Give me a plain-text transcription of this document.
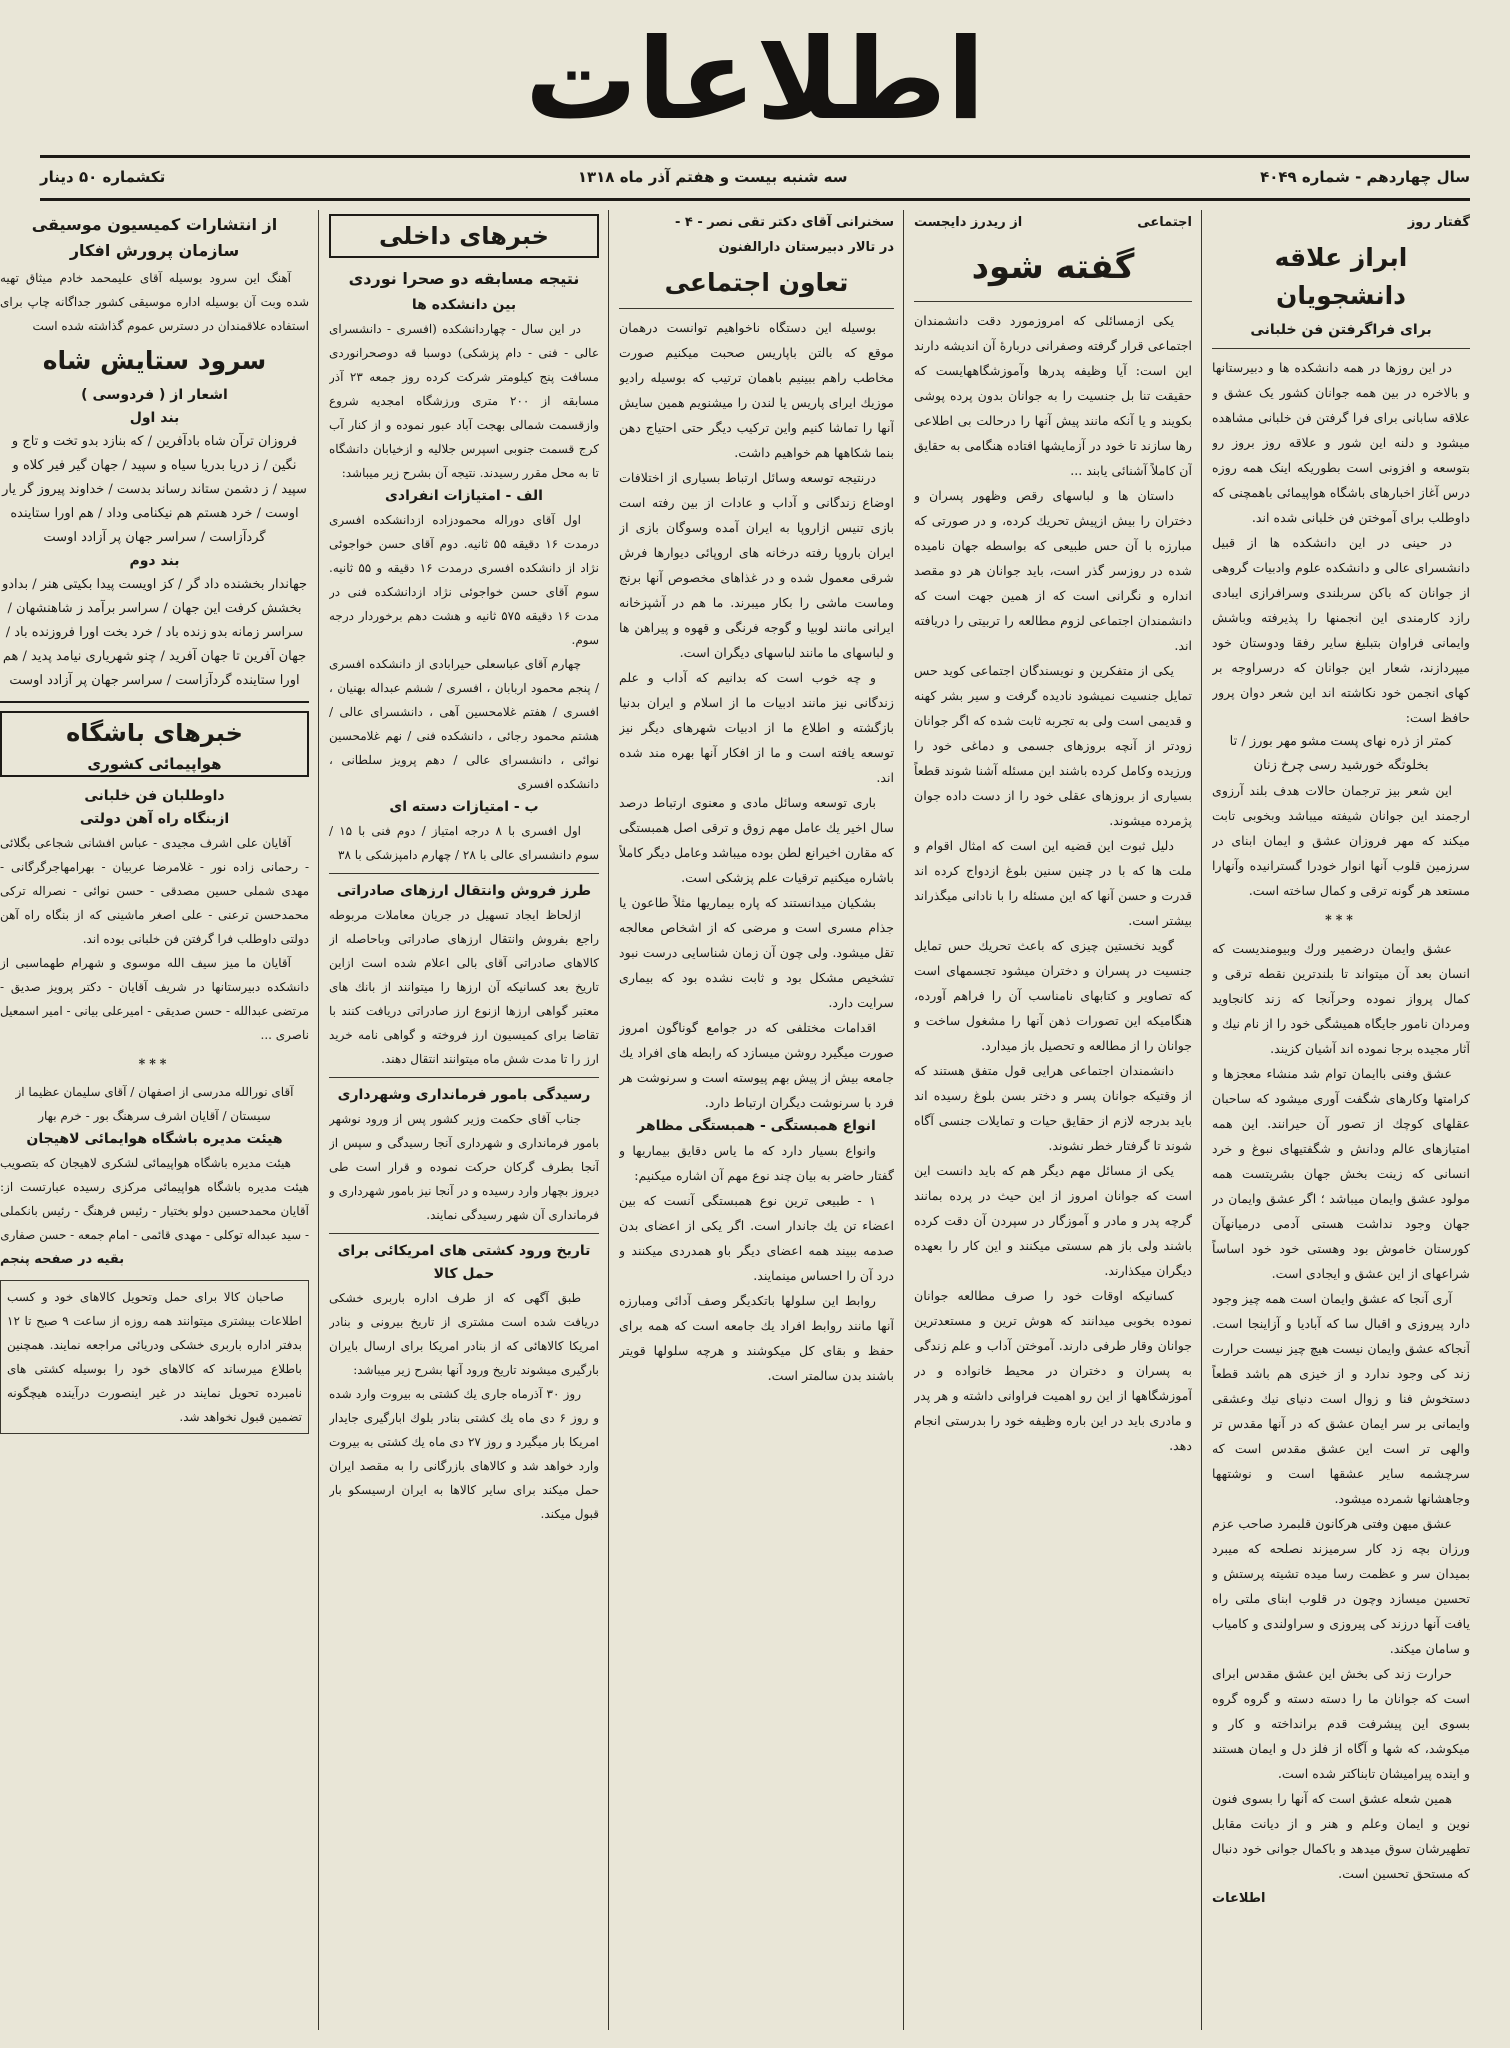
اطلاعات
سال چهاردهم - شماره ۴۰۴۹
سه شنبه بیست و هفتم آذر ماه ۱۳۱۸
تکشماره ۵۰ دینار
گفتار روز
ابراز علاقه دانشجویان
برای فراگرفتن فن خلبانی

در این روزها در همه دانشکده ها و دبیرستانها و بالاخره در بین همه جوانان کشور یک عشق و علاقه سابانی برای فرا گرفتن فن خلبانی مشاهده میشود و دلنه این شور و علاقه روز بروز رو بتوسعه و افزونی است بطوریکه اینک همه روزه درس آغاز اخبارهای باشگاه هواپیمائی باهمچنی که داوطلب برای آموختن فن خلبانی شده اند.

در حینی در این دانشکده ها از قبیل دانشسرای عالی و دانشکده علوم وادبیات گروهی از جوانان که باکن سربلندی وسرافرازی ایبادی رازد کارمندی این انجمنها را پذیرفته وباشش وایمانی فراوان بتبلیغ سایر رفقا ودوستان خود میپردازند، شعار این جوانان که درسراوجه بر کهای انجمن خود نکاشته اند این شعر دوان پرور حافظ است:

کمتر از ذره نهای پست مشو مهر بورز / تا بخلوتگه خورشید رسی چرخ زنان

این شعر بیز ترجمان حالات هدف بلند آرزوی ارجمند این جوانان شیفته میباشد وبخوبی تابت میکند که مهر فروزان عشق و ایمان ابنای در سرزمین قلوب آنها انوار خودرا گسترانیده وآنهارا مستعد هر گونه ترقی و کمال ساخته است.

***

عشق وایمان درضمیر ورك وبيومندیست که انسان بعد آن میتواند تا بلندترین نقطه ترقی و کمال پرواز نموده وحرآنجا که زند کانجاوید ومردان نامور جایگاه همیشگی خود را از نام نیك و آثار مجیده برجا نموده اند آشیان کزیند.

عشق وفنی باایمان توام شد منشاء معجزها و کرامتها وکارهای شگفت آوری میشود که ساحبان عقلهای کوچك از تصور آن حیرانند. این همه امتیازهای عالم ودانش و شگفتیهای نبوغ و خرد انسانی که زینت بخش جهان بشریتست همه مولود عشق وایمان میباشد ؛ اگر عشق وایمان در جهان وجود نداشت هستی آدمی درمیانهآن کورستان خاموش بود وهستی خود خود اساساً شراعهای از این عشق و ایجادی است.

آری آنجا که عشق وایمان است همه چیز وجود دارد پیروزی و اقبال سا که آبادیا و آزاینجا است. آنجاکه عشق وایمان نیست هیچ چیز نیست حرارت زند کی وجود ندارد و از خیزی هم باشد قطعاً دستخوش فنا و زوال است دنیای نیك وعشقی وایمانی بر سر ایمان عشق که در آنها مقدس تر والهی تر است این عشق مقدس است که سرچشمه سایر عشقها است و نوشتهها وجاهشانها شمرده میشود.

عشق میهن وفتی هرکانون قلبمرد صاحب عزم ورزان بچه زد کار سرمیزند نصلحه که میبرد بمیدان سر و عظمت رسا میده تشیته پرستش و تحسین میسازد وچون در قلوب ابنای ملتی راه یافت آنها درزند کی پیروزی و سراولندی و کامیاب و سامان میکند.

حرارت زند کی بخش این عشق مقدس ابرای است که جوانان ما را دسته دسته و گروه گروه بسوی این پیشرفت قدم برانداخته و کار و میکوشد، که شها و آگاه از فلز دل و ایمان هستند و اینده پیرامیشان تابناکتر شده است.

همین شعله عشق است که آنها را بسوی فنون نوین و ایمان وعلم و هنر و از دیانت مقابل تطهیرشان سوق میدهد و باکمال جوانی خود دنبال که مستحق تحسین است.

اطلاعات
اجتماعی
از ریدرز دایجست
گفته شود

یکی ازمسائلی که امروزمورد دقت دانشمندان اجتماعی قرار گرفته وصفرانی دربارهٔ آن اندیشه دارند این است: آیا وظیفه پدرها وآموزشگاههایست که حقیقت تنا بل جنسیت را به جوانان بدون پرده پوشی بکویند و یا آنکه مانند پیش آنها را درحالت بی اطلاعی رها سازند تا خود در آزمایشها افتاده هنگامی به حقایق آن کاملاً آشنائی یابند ...

داستان ها و لباسهای رقص وظهور پسران و دختران را بیش ازپیش تحریك کرده، و در صورتی که مبارزه با آن حس طبیعی که بواسطه جهان نامیده شده در روزسر گذر است، باید جوانان هر دو مقصد انداره و نگرانی است که از همین جهت است که دانشمندان اجتماعی لزوم مطالعه را تربیتی را دریافته اند.

یکی از متفکرین و نویسندگان اجتماعی کوید حس تمایل جنسیت نمیشود نادیده گرفت و سیر بشر کهنه و قدیمی است ولی به تجربه ثابت شده که اگر جوانان زودتر از آنچه بروزهای جسمی و دماغی خود را ورزیده وکامل کرده باشند این مسئله آشنا شوند قطعاً بسیاری از بروزهای عقلی خود را از دست داده جوان پژمرده میشوند.

دلیل ثبوت این قضیه این است که امثال اقوام و ملت ها که با در چنین سنین بلوغ ازدواج کرده اند قدرت و حسن آنها که این مسئله را با نادانی میگذراند بیشتر است.

گوید نخستین چیزی که باعث تحریك حس تمایل جنسیت در پسران و دختران میشود تجسمهای است که تصاویر و کتابهای نامناسب آن را فراهم آورده، هنگامیکه این تصورات ذهن آنها را مشغول ساخت و جوانان را از مطالعه و تحصیل باز میدارد.

دانشمندان اجتماعی هرایی قول متفق هستند که از وقتیکه جوانان پسر و دختر بسن بلوغ رسیده اند باید بدرجه لازم از حقایق حیات و تمایلات جنسی آگاه شوند تا گرفتار خطر نشوند.

یکی از مسائل مهم دیگر هم که باید دانست این است که جوانان امروز از این حیث در پرده بمانند گرچه پدر و مادر و آموزگار در سپردن آن دقت کرده باشند ولی باز هم سستی میکنند و این کار را بعهده دیگران میکذارند.

کسانیکه اوقات خود را صرف مطالعه جوانان نموده بخوبی میدانند که هوش ترین و مستعدترین جوانان وقار طرفی دارند. آموختن آداب و علم زندگی به پسران و دختران در محیط خانواده و در آموزشگاهها از این رو اهمیت فراوانی داشته و هر پدر و مادری باید در این باره وظیفه خود را بدرستی انجام دهد.

سخنرانی آقای دکتر تقی نصر - ۴ -
در تالار دبیرستان دارالفنون
تعاون اجتماعی

بوسیله این دستگاه ناخواهیم توانست درهمان موقع که بالتن باپاریس صحبت میکنیم صورت مخاطب راهم ببینیم باهمان ترتیب که بوسیله رادیو موزیك ایرای پاریس یا لندن را میشنویم همین سایش آنها را تماشا کنیم واین ترکیب دیگر حتی احتیاج دهن بنما شکاهها هم خواهیم داشت.

درنتیجه توسعه وسائل ارتباط بسیاری از اختلافات اوضاع زندگانی و آداب و عادات از بین رفته است بازی تنیس ازاروپا به ایران آمده وسوگان بازی از ایران باروپا رفته درخانه های اروپائی دیوارها فرش شرقی معمول شده و در غذاهای مخصوص آنها برنج وماست ماشی را بکار میبرند. ما هم در آشپزخانه ایرانی مانند لوبیا و گوجه فرنگی و قهوه و پیراهن ها و لباسهای ما مانند لباسهای دیگران است.

و چه خوب است که بدانیم که آداب و علم زندگانی نیز مانند ادبیات ما از اسلام و ایران بدنیا بازگشته و اطلاع ما از ادبیات شهرهای دیگر نیز توسعه یافته است و ما از افکار آنها بهره مند شده اند.

باری توسعه وسائل مادی و معنوی ارتباط درصد سال اخیر یك عامل مهم زوق و ترقی اصل همبستگی که مقارن اخیرانع لطن بوده میباشد وعامل دیگر کاملاً باشاره میکنیم ترقیات علم پزشکی است.

بشکیان میدانستند که پاره بیماریها مثلاً طاعون یا جذام مسری است و مرضی که از اشخاص معالجه تقل میشود. ولی چون آن زمان شناسایی درست نبود تشخیص مشکل بود و ثابت نشده بود که بیماری سرایت دارد.

اقدامات مختلفی که در جوامع گوناگون امروز صورت میگیرد روشن میسازد که رابطه های افراد یك جامعه بیش از پیش بهم پیوسته است و سرنوشت هر فرد با سرنوشت دیگران ارتباط دارد.

انواع همبستگی - همبستگی مظاهر

وانواع بسیار دارد که ما یاس دقایق بیماریها و گفتار حاضر به بیان چند نوع مهم آن اشاره میکنیم:

۱ - طبیعی ترین نوع همبستگی آنست که بین اعضاء تن یك جاندار است. اگر یکی از اعضای بدن صدمه ببیند همه اعضای دیگر باو همدردی میکنند و درد آن را احساس مینمایند.

روابط این سلولها باتکدیگر وصف آدائی ومبارزه آنها مانند روابط افراد یك جامعه است که همه برای حفظ و بقای کل میکوشند و هرچه سلولها قویتر باشند بدن سالمتر است.

خبرهای داخلی
نتیجه مسابقه دو صحرا نوردی
بین دانشکده ها

در این سال - چهاردانشکده (افسری - دانشسرای عالی - فنی - دام پزشکی) دوسبا قه دوصحرانوردی مسافت پنج کیلومتر شرکت کرده روز جمعه ۲۳ آذر مسابقه از ۲۰۰ متری ورزشگاه امجدیه شروع وازقسمت شمالی بهجت آباد عبور نموده و از کنار آب کرج قسمت جنوبی اسپرس جلالیه و ازخیابان دانشگاه تا به محل مقرر رسیدند. نتیجه آن بشرح زیر میباشد:

الف - امتیازات انفرادی

اول آقای دوراله محمودزاده ازدانشکده افسری درمدت ۱۶ دقیقه ۵۵ ثانیه. دوم آقای حسن خواجوئی نژاد از دانشکده افسری درمدت ۱۶ دقیقه و ۵۵ ثانیه. سوم آقای حسن خواجوئی نژاد ازدانشکده فنی در مدت ۱۶ دقیقه ۵۷۵ ثانیه و هشت دهم برخوردار درجه سوم.

چهارم آقای عباسعلی حیرابادی از دانشکده افسری / پنجم محمود اربابان ، افسری / ششم عبداله بهنیان ، افسری / هفتم غلامحسین آهی ، دانشسرای عالی / هشتم محمود رجائی ، دانشکده فنی / نهم غلامحسین نوائی ، دانشسرای عالی / دهم پرویز سلطانی ، دانشکده افسری

ب - امتیازات دسته ای

اول افسری با ۸ درجه امتیاز / دوم فنی با ۱۵ / سوم دانشسرای عالی با ۲۸ / چهارم دامپزشکی با ۳۸

طرز فروش وانتقال ارزهای صادراتی

ازلحاظ ایجاد تسهیل در جریان معاملات مربوطه راجع بفروش وانتقال ارزهای صادراتی وباحاصله از کالاهای صادراتی آقای بالی اعلام شده است ازاین تاریخ بعد کسانیکه آن ارزها را میتوانند از بانك های معتبر گواهی ارزها ازنوع ارز صادراتی دریافت کنند با تقاضا برای کمیسیون ارز فروخته و گواهی نامه خرید ارز را تا مدت شش ماه میتوانند انتقال دهند.

رسیدگی بامور فرمانداری وشهرداری

جناب آقای حکمت وزیر کشور پس از ورود نوشهر بامور فرمانداری و شهرداری آنجا رسیدگی و سپس از آنجا بطرف گرکان حرکت نموده و قرار است طی دیروز بچهار وارد رسیده و در آنجا نیز بامور شهرداری و فرمانداری آن شهر رسیدگی نمایند.

تاریخ ورود کشتی های امریکائی برای حمل کالا

طبق آگهی که از طرف اداره باربری خشکی دریافت شده است مشتری از تاریخ بیرونی و بنادر امریکا کالاهائی که از بنادر امریکا برای ارسال بایران بارگیری میشوند تاریخ ورود آنها بشرح زیر میباشد:

روز ۳۰ آذرماه جاری یك کشتی به بیروت وارد شده و روز ۶ دی ماه یك کشتی بنادر بلوك ابارگیری جایدار امریکا بار میگیرد و روز ۲۷ دی ماه یك کشتی به بیروت وارد خواهد شد و کالاهای بازرگانی را به مقصد ایران حمل میکند برای سایر کالاها به ایران ارسیسکو بار قبول میکند.

از انتشارات کمیسیون موسیقی سازمان پرورش افکار

آهنگ این سرود بوسیله آقای علیمحمد خادم میثاق تهیه شده وبت آن بوسیله اداره موسیقی کشور جداگانه چاپ برای استفاده علاقمندان در دسترس عموم گذاشته شده است

سرود ستایش شاه
اشعار از ( فردوسی )
بند اول
فروزان ترآن شاه بادآفرین / که بنازد بدو تخت و تاج و نگین / ز دریا بدریا سیاه و سپید / جهان گیر فیر کلاه و سپید / ز دشمن ستاند رساند بدست / خداوند پیروز گر یار اوست / خرد هستم هم نیکنامی وداد / هم اورا ستاینده گردآزاست / سراسر جهان پر آزادد اوست
بند دوم
جهاندار بخشنده داد گر / کز اویست پیدا بکیتی هنر / بدادو بخشش کرفت این جهان / سراسر برآمد ز شاهنشهان / سراسر زمانه بدو زنده باد / خرد بخت اورا فروزنده باد / جهان آفرین تا جهان آفرید / چنو شهریاری نیامد پدید / هم اورا ستاینده گردآزاست / سراسر جهان پر آزادد اوست
خبرهای باشگاه
هواپیمائی کشوری
داوطلبان فن خلبانی
ازبنگاه راه آهن دولتی

آقایان علی اشرف مجیدی - عباس افشانی شجاعی بگلائی - رحمانی زاده نور - غلامرضا عربیان - بهرامهاجرگرگانی - مهدی شملی حسین مصدقی - حسن نوائی - نصراله ترکی محمدحسن ترعنی - علی اصغر ماشینی که از بنگاه راه آهن دولتی داوطلب فرا گرفتن فن خلبانی بوده اند.

آقایان ما میز سیف الله موسوی و شهرام طهماسبی از دانشکده دبیرستانها در شریف آقایان - دکتر پرویز صدیق - مرتضی عبدالله - حسن صدیقی - امیرعلی بیانی - امیر اسمعیل ناصری ...

***

آقای نورالله مدرسی از اصفهان / آقای سلیمان عظیما از سیستان / آقایان اشرف سرهنگ بور - خرم بهار

هیئت مدیره باشگاه هوایمائی لاهیجان

هیئت مدیره باشگاه هواپیمائی لشکری لاهیجان که بتصویب هیئت مدیره باشگاه هواپیمائی مرکزی رسیده عبارتست از: آقایان محمدحسین دولو بختیار - رئیس فرهنگ - رئیس بانکملی - سید عبداله توکلی - مهدی قائمی - امام جمعه - حسن صفاری

بقیه در صفحه پنجم

صاحبان کالا برای حمل وتحویل کالاهای خود و کسب اطلاعات بیشتری میتوانند همه روزه از ساعت ۹ صبح تا ۱۲ بدفتر اداره باربری خشکی ودریائی مراجعه نمایند. همچنین باطلاع میرساند که کالاهای خود را بوسیله کشتی های نامبرده تحویل نمایند در غیر اینصورت درآینده هیچگونه تضمین قبول نخواهد شد.
